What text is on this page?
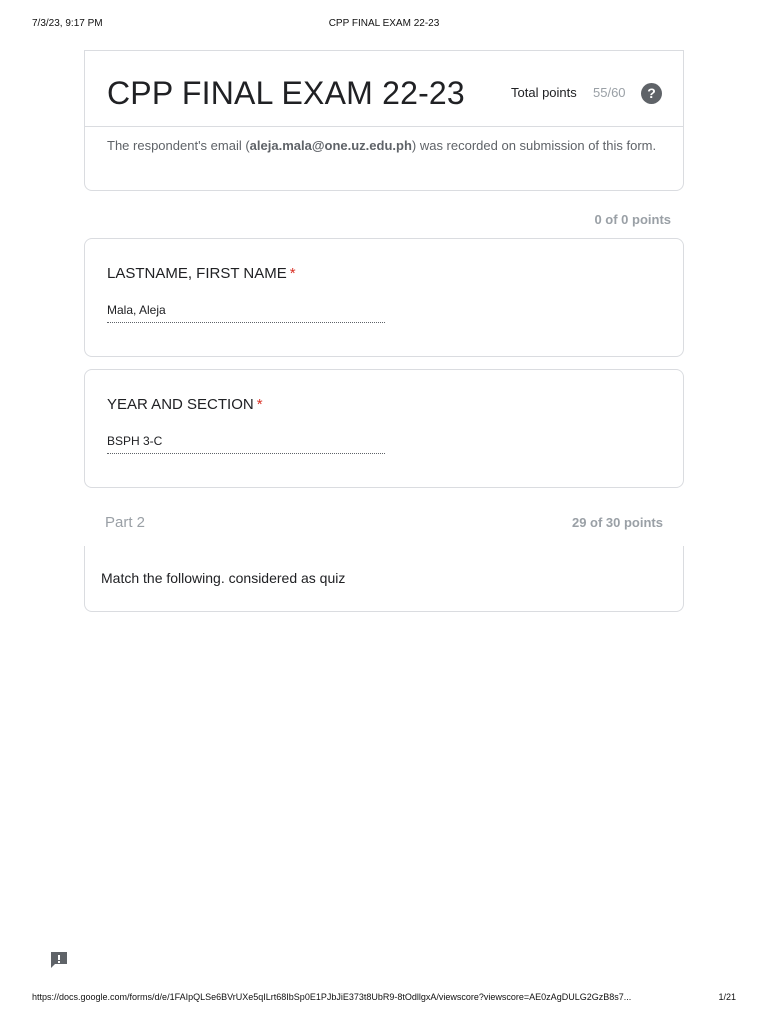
7/3/23, 9:17 PM	CPP FINAL EXAM 22-23
CPP FINAL EXAM 22-23	Total points 55/60	?
The respondent's email (aleja.mala@one.uz.edu.ph) was recorded on submission of this form.
0 of 0 points
LASTNAME, FIRST NAME *
Mala, Aleja
YEAR AND SECTION *
BSPH 3-C
Part 2	29 of 30 points
Match the following. considered as quiz
https://docs.google.com/forms/d/e/1FAIpQLSe6BVrUXe5qILrt68IbSp0E1PJbJiE373t8UbR9-8tOdllgxA/viewscore?viewscore=AE0zAgDULG2GzB8s7...	1/21
